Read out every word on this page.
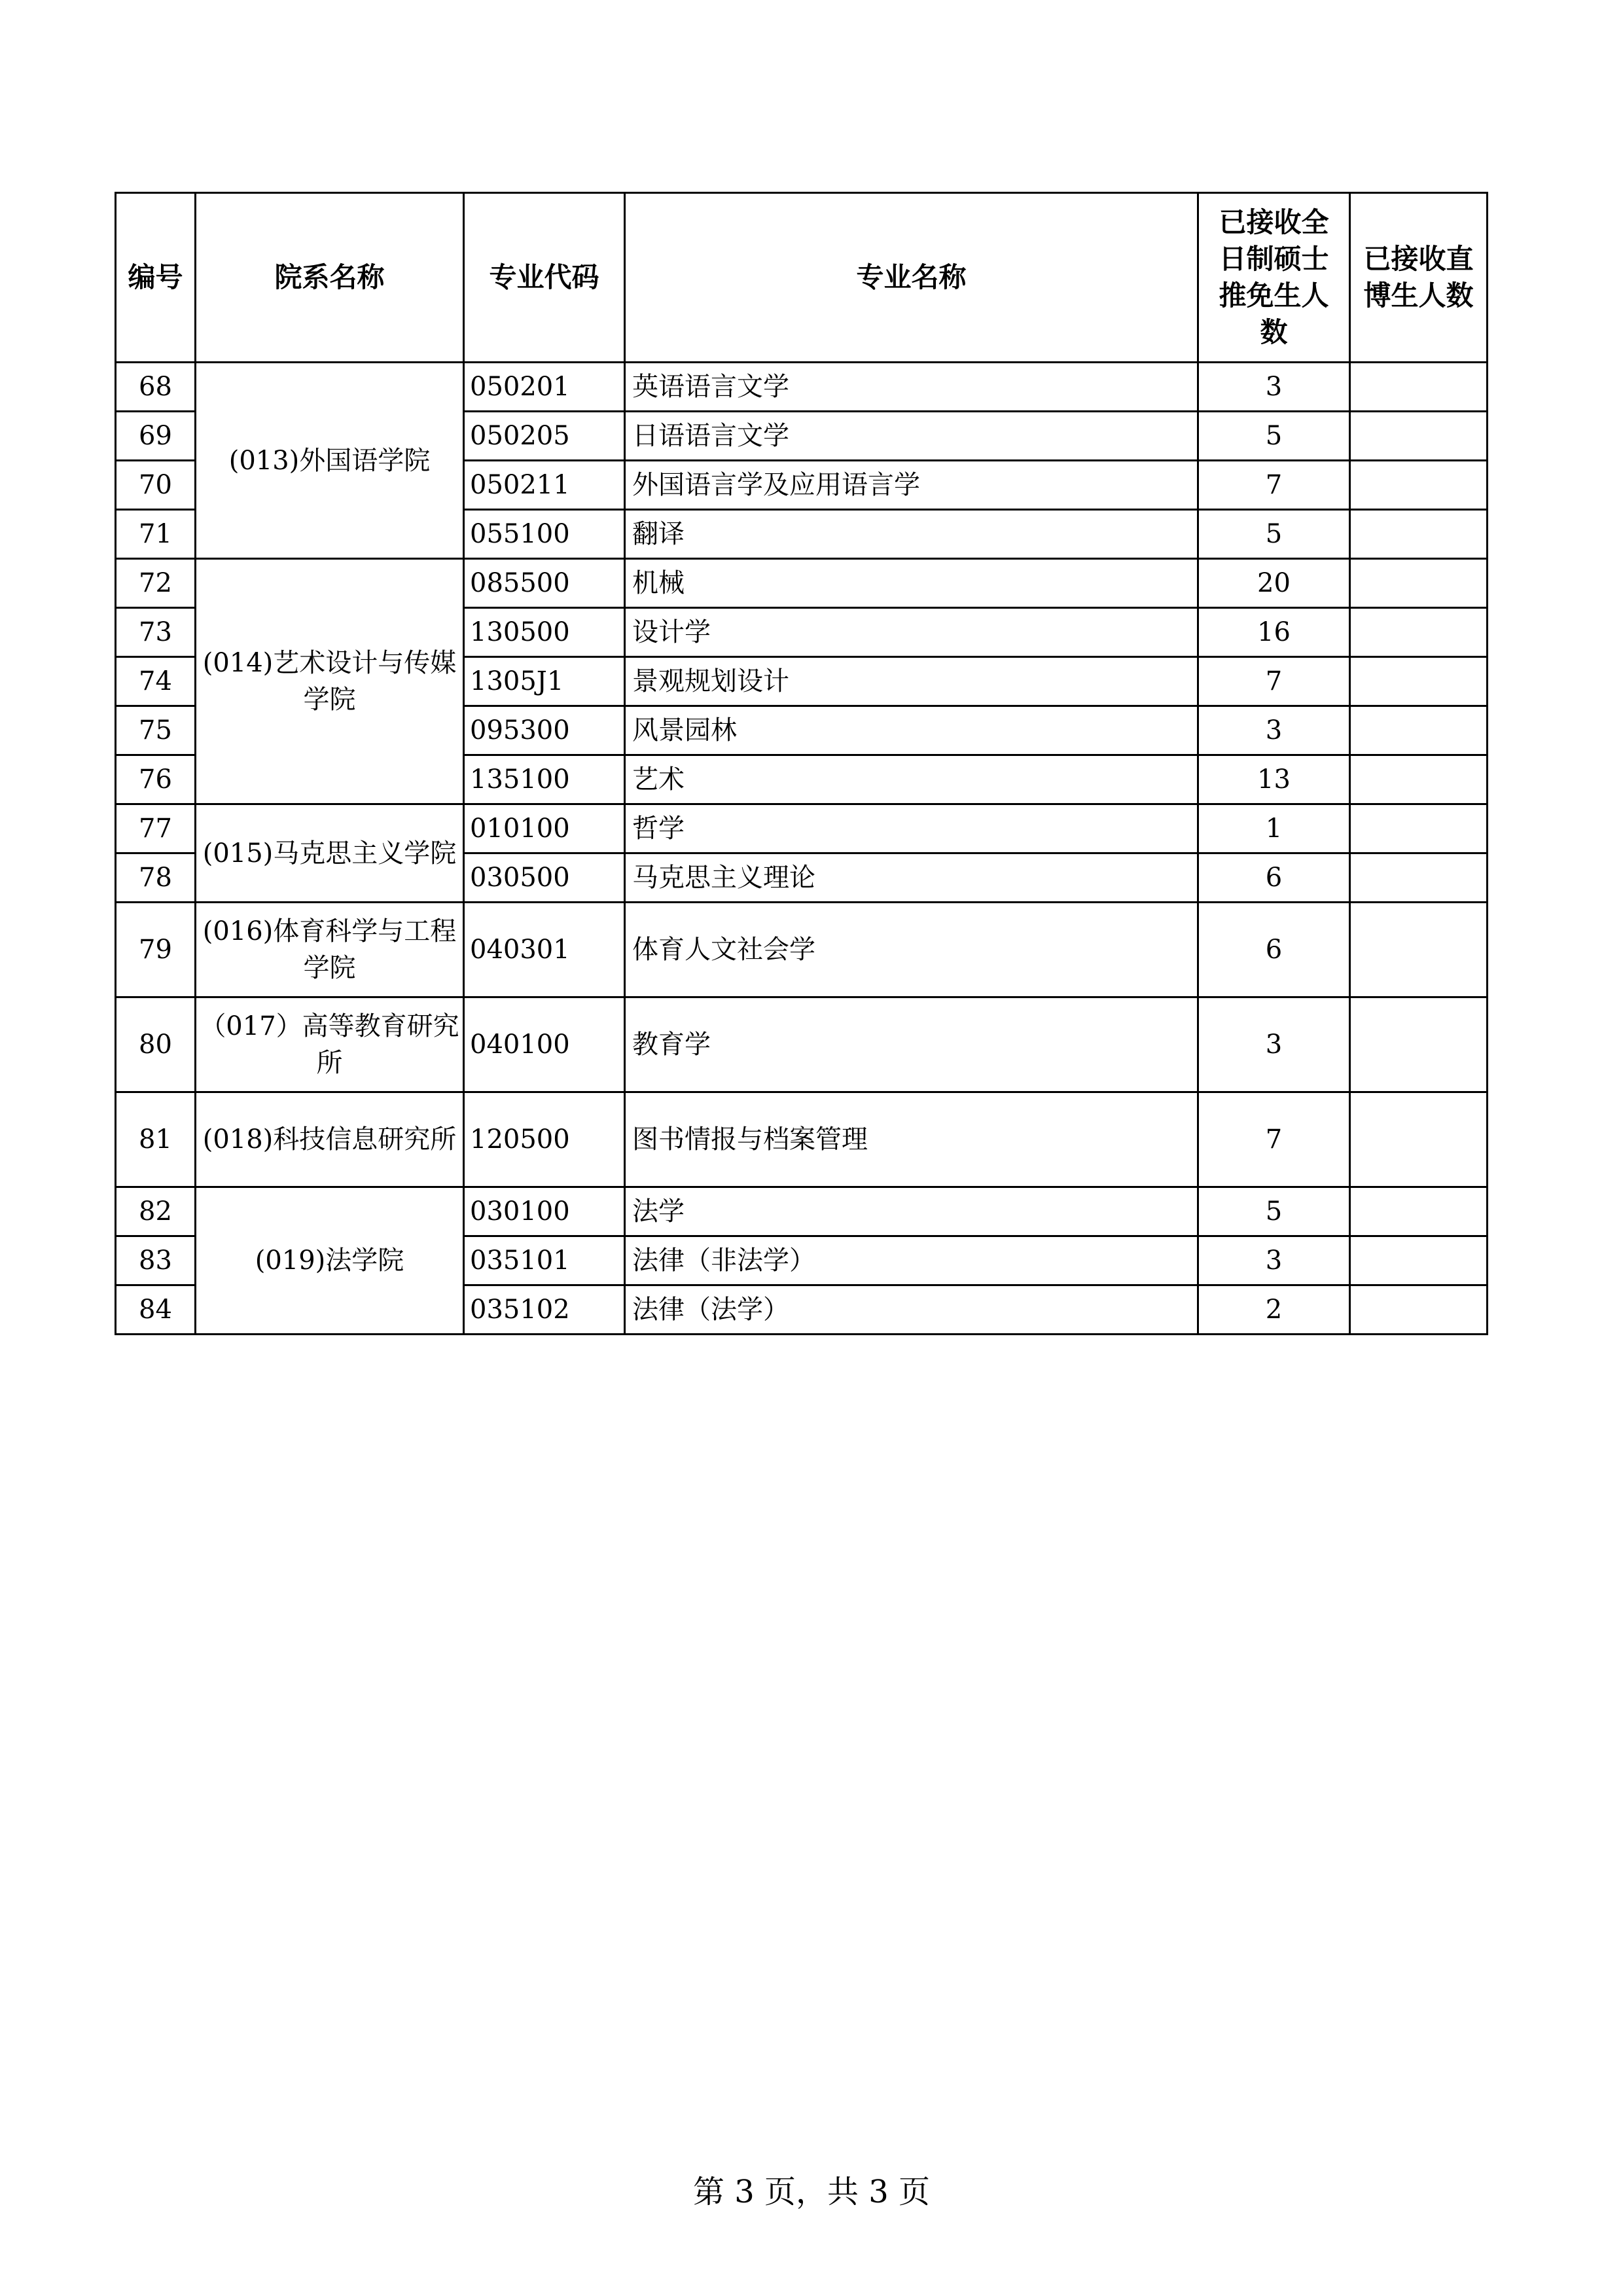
编号	院系名称	专业代码	专业名称	已接收全日制硕士推免生人数	已接收直博生人数
68	(013)外国语学院	050201	英语语言文学	3	
69		050205	日语语言文学	5	
70		050211	外国语言学及应用语言学	7	
71		055100	翻译	5	
72	(014)艺术设计与传媒学院	085500	机械	20	
73		130500	设计学	16	
74		1305J1	景观规划设计	7	
75		095300	风景园林	3	
76		135100	艺术	13	
77	(015)马克思主义学院	010100	哲学	1	
78		030500	马克思主义理论	6	
79	(016)体育科学与工程学院	040301	体育人文社会学	6	
80	（017）高等教育研究所	040100	教育学	3	
81	(018)科技信息研究所	120500	图书情报与档案管理	7	
82	(019)法学院	030100	法学	5	
83		035101	法律（非法学）	3	
84		035102	法律（法学）	2	
第 3 页，共 3 页
